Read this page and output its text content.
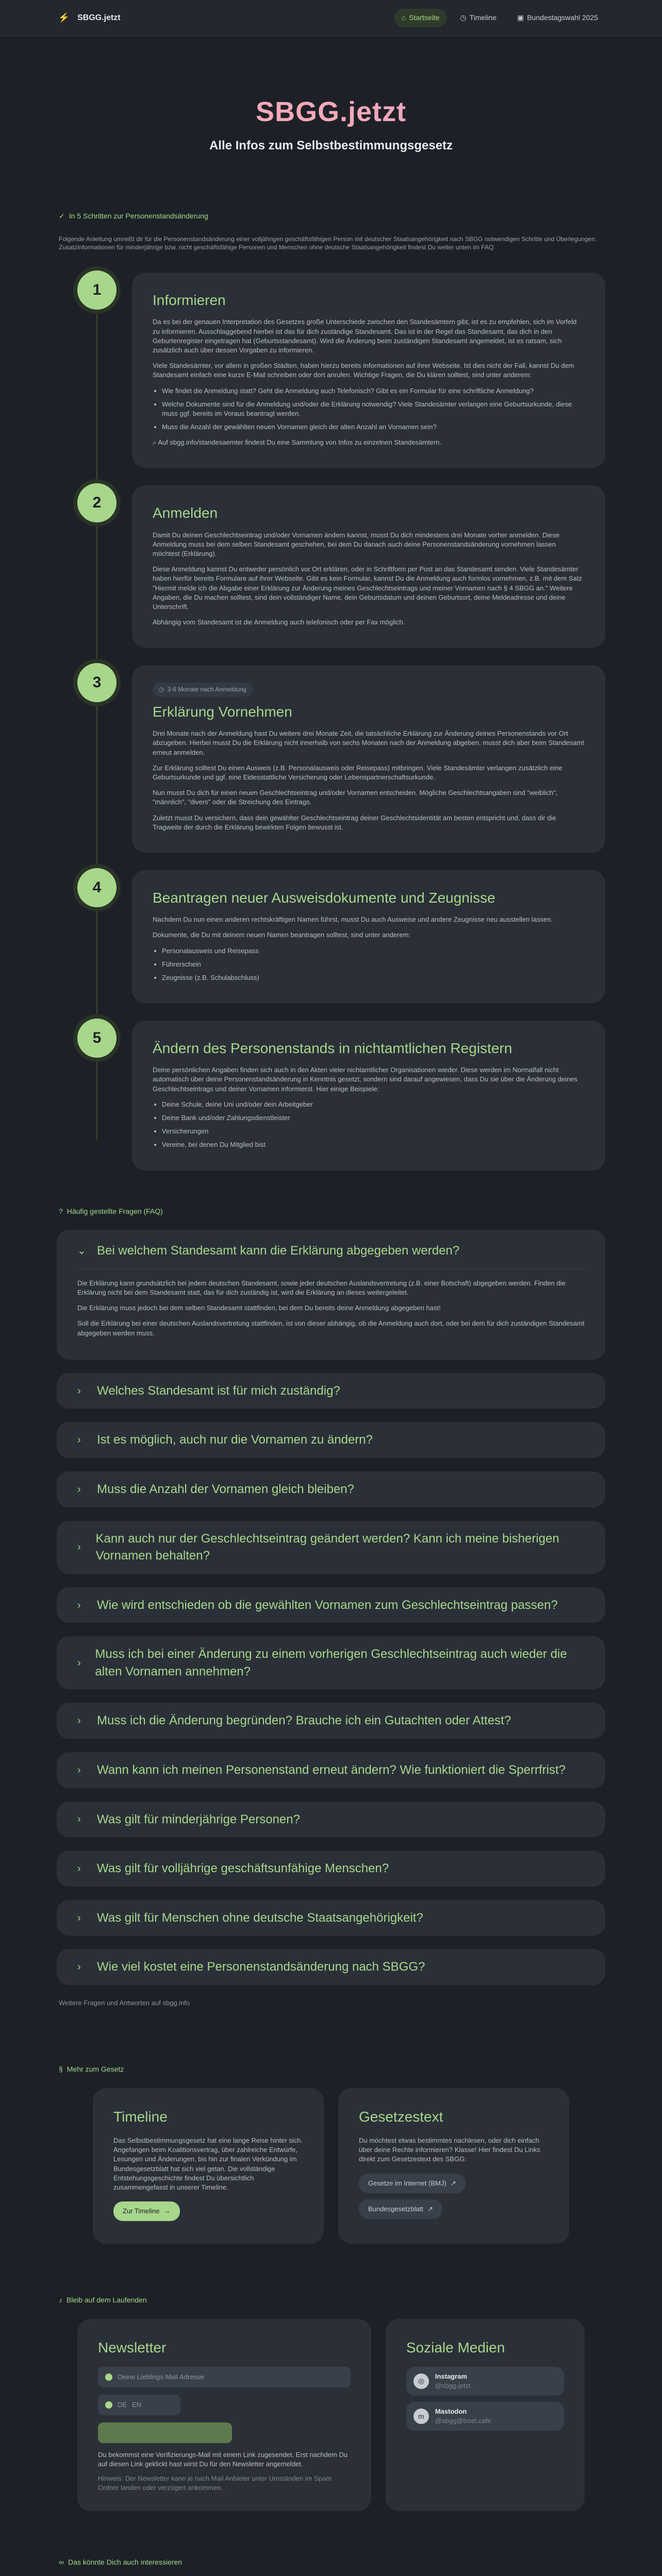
⚡ SBGG.jetzt	⌂ Startseite	◷ Timeline	▣ Bundestagswahl 2025
SBGG.jetzt
Alle Infos zum Selbstbestimmungsgesetz
✓ In 5 Schritten zur Personenstandsänderung

Folgende Anleitung umreißt dir für die Personenstandsänderung einer volljährigen geschäftsfähigen Person mit deutscher Staatsangehörigkeit nach SBGG notwendigen Schritte und Überlegungen. Zusatzinformationen für minderjährige bzw. nicht geschäftsfähige Personen und Menschen ohne deutsche Staatsangehörigkeit findest Du weiter unten im FAQ.

1
Informieren

Da es bei der genauen Interpretation des Gesetzes große Unterschiede zwischen den Standesämtern gibt, ist es zu empfehlen, sich im Vorfeld zu informieren. Ausschlaggebend hierbei ist das für dich zuständige Standesamt. Das ist in der Regel das Standesamt, das dich in den Geburtenregister eingetragen hat (Geburtsstandesamt). Wird die Änderung beim zuständigen Standesamt angemeldet, ist es ratsam, sich zusätzlich auch über dessen Vorgaben zu informieren.

Viele Standesämter, vor allem in großen Städten, haben hierzu bereits Informationen auf ihrer Webseite. Ist dies nicht der Fall, kannst Du dem Standesamt einfach eine kurze E-Mail schreiben oder dort anrufen. Wichtige Fragen, die Du klären solltest, sind unter anderem:

• Wie findet die Anmeldung statt? Geht die Anmeldung auch Telefonisch? Gibt es ein Formular für eine schriftliche Anmeldung?
• Welche Dokumente sind für die Anmeldung und/oder die Erklärung notwendig? Viele Standesämter verlangen eine Geburtsurkunde, diese muss ggf. bereits im Voraus beantragt werden.
• Muss die Anzahl der gewählten neuen Vornamen gleich der alten Anzahl an Vornamen sein?

⌕ Auf sbgg.info/standesaemter findest Du eine Sammlung von Infos zu einzelnen Standesämtern.

2
Anmelden

Damit Du deinen Geschlechtseintrag und/oder Vornamen ändern kannst, musst Du dich mindestens drei Monate vorher anmelden. Diese Anmeldung muss bei dem selben Standesamt geschehen, bei dem Du danach auch deine Personenstandsänderung vornehmen lassen möchtest (Erklärung).

Diese Anmeldung kannst Du entweder persönlich vor Ort erklären, oder in Schriftform per Post an das Standesamt senden. Viele Standesämter haben hierfür bereits Formulare auf ihrer Webseite. Gibt es kein Formular, kannst Du die Anmeldung auch formlos vornehmen, z.B. mit dem Satz "Hiermit melde ich die Abgabe einer Erklärung zur Änderung meines Geschlechtseintrags und meiner Vornamen nach § 4 SBGG an." Weitere Angaben, die Du machen solltest, sind dein vollständiger Name, dein Geburtsdatum und deinen Geburtsort, deine Meldeadresse und deine Unterschrift.

Abhängig vom Standesamt ist die Anmeldung auch telefonisch oder per Fax möglich.

3	◷ 3-6 Monate nach Anmeldung
Erklärung Vornehmen

Drei Monate nach der Anmeldung hast Du weitere drei Monate Zeit, die tatsächliche Erklärung zur Änderung deines Personenstands vor Ort abzugeben. Hierbei musst Du die Erklärung nicht innerhalb von sechs Monaten nach der Anmeldung abgeben, musst dich aber beim Standesamt erneut anmelden.

Zur Erklärung solltest Du einen Ausweis (z.B. Personalausweis oder Reisepass) mitbringen. Viele Standesämter verlangen zusätzlich eine Geburtsurkunde und ggf. eine Eidesstattliche Versicherung oder Lebenspartnerschaftsurkunde.

Nun musst Du dich für einen neuen Geschlechtseintrag und/oder Vornamen entscheiden. Mögliche Geschlechtsangaben sind "weiblich", "männlich", "divers" oder die Streichung des Eintrags.

Zuletzt musst Du versichern, dass dein gewählter Geschlechtseintrag deiner Geschlechtsidentität am besten entspricht und, dass dir die Tragweite der durch die Erklärung bewirkten Folgen bewusst ist.

4
Beantragen neuer Ausweisdokumente und Zeugnisse

Nachdem Du nun einen anderen rechtskräftigen Namen führst, musst Du auch Ausweise und andere Zeugnisse neu ausstellen lassen.

Dokumente, die Du mit deinem neuen Namen beantragen solltest, sind unter anderem:

• Personalausweis und Reisepass
• Führerschein
• Zeugnisse (z.B. Schulabschluss)
5
Ändern des Personenstands in nichtamtlichen Registern

Deine persönlichen Angaben finden sich auch in den Akten vieler nichtamtlicher Organisationen wieder. Diese werden im Normalfall nicht automatisch über deine Personenstandsänderung in Kenntnis gesetzt, sondern sind darauf angewiesen, dass Du sie über die Änderung deines Geschlechtseintrags und deiner Vornamen informierst. Hier einige Beispiele:

• Deine Schule, deine Uni und/oder dein Arbeitgeber
• Deine Bank und/oder Zahlungsdienstleister
• Versicherungen
• Vereine, bei denen Du Mitglied bist
? Häufig gestellte Fragen (FAQ)
⌄ Bei welchem Standesamt kann die Erklärung abgegeben werden?

Die Erklärung kann grundsätzlich bei jedem deutschen Standesamt, sowie jeder deutschen Auslandsvertretung (z.B. einer Botschaft) abgegeben werden. Finden die Erklärung nicht bei dem Standesamt statt, das für dich zuständig ist, wird die Erklärung an dieses weitergeleitet.

Die Erklärung muss jedoch bei dem selben Standesamt stattfinden, bei dem Du bereits deine Anmeldung abgegeben hast!

Soll die Erklärung bei einer deutschen Auslandsvertretung stattfinden, ist von dieser abhängig, ob die Anmeldung auch dort, oder bei dem für dich zuständigen Standesamt abgegeben werden muss.

›	Welches Standesamt ist für mich zuständig?
›	Ist es möglich, auch nur die Vornamen zu ändern?
›	Muss die Anzahl der Vornamen gleich bleiben?
›
Kann auch nur der Geschlechtseintrag geändert werden? Kann ich meine bisherigen Vornamen behalten?
›	Wie wird entschieden ob die gewählten Vornamen zum Geschlechtseintrag passen?
›
Muss ich bei einer Änderung zu einem vorherigen Geschlechtseintrag auch wieder die alten Vornamen annehmen?
›	Muss ich die Änderung begründen? Brauche ich ein Gutachten oder Attest?
›	Wann kann ich meinen Personenstand erneut ändern? Wie funktioniert die Sperrfrist?
›	Was gilt für minderjährige Personen?
›	Was gilt für volljährige geschäftsunfähige Menschen?
›	Was gilt für Menschen ohne deutsche Staatsangehörigkeit?
›	Wie viel kostet eine Personenstandsänderung nach SBGG?

Weitere Fragen und Antworten auf sbgg.info

§ Mehr zum Gesetz
Timeline

Das Selbstbestimmungsgesetz hat eine lange Reise hinter sich. Angefangen beim Koalitionsvertrag, über zahlreiche Entwürfe, Lesungen und Änderungen, bis hin zur finalen Verkündung im Bundesgesetzblatt hat sich viel getan. Die vollständige Entstehungsgeschichte findest Du übersichtlich zusammengefasst in unserer Timeline.

Zur Timeline →
Gesetzestext

Du möchtest etwas bestimmtes nachlesen, oder dich einfach über deine Rechte informieren? Klasse! Hier findest Du Links direkt zum Gesetzestext des SBGG:

Gesetze im Internet (BMJ) ↗

Bundesgesetzblatt ↗
♪ Bleib auf dem Laufenden
Newsletter
Deine Lieblings-Mail Adresse
DE EN

Du bekommst eine Verifizierungs-Mail mit einem Link zugesendet. Erst nachdem Du auf diesen Link geklickt hast wirst Du für den Newsletter angemeldet.

Hinweis: Der Newsletter kann je nach Mail Anbieter unter Umständen im Spam Ordner landen oder verzögert ankommen.

Soziale Medien
◎
Instagram
@sbgg.jetzt
m
Mastodon
@sbgg@troet.cafe
∞ Das könnte Dich auch interessieren
